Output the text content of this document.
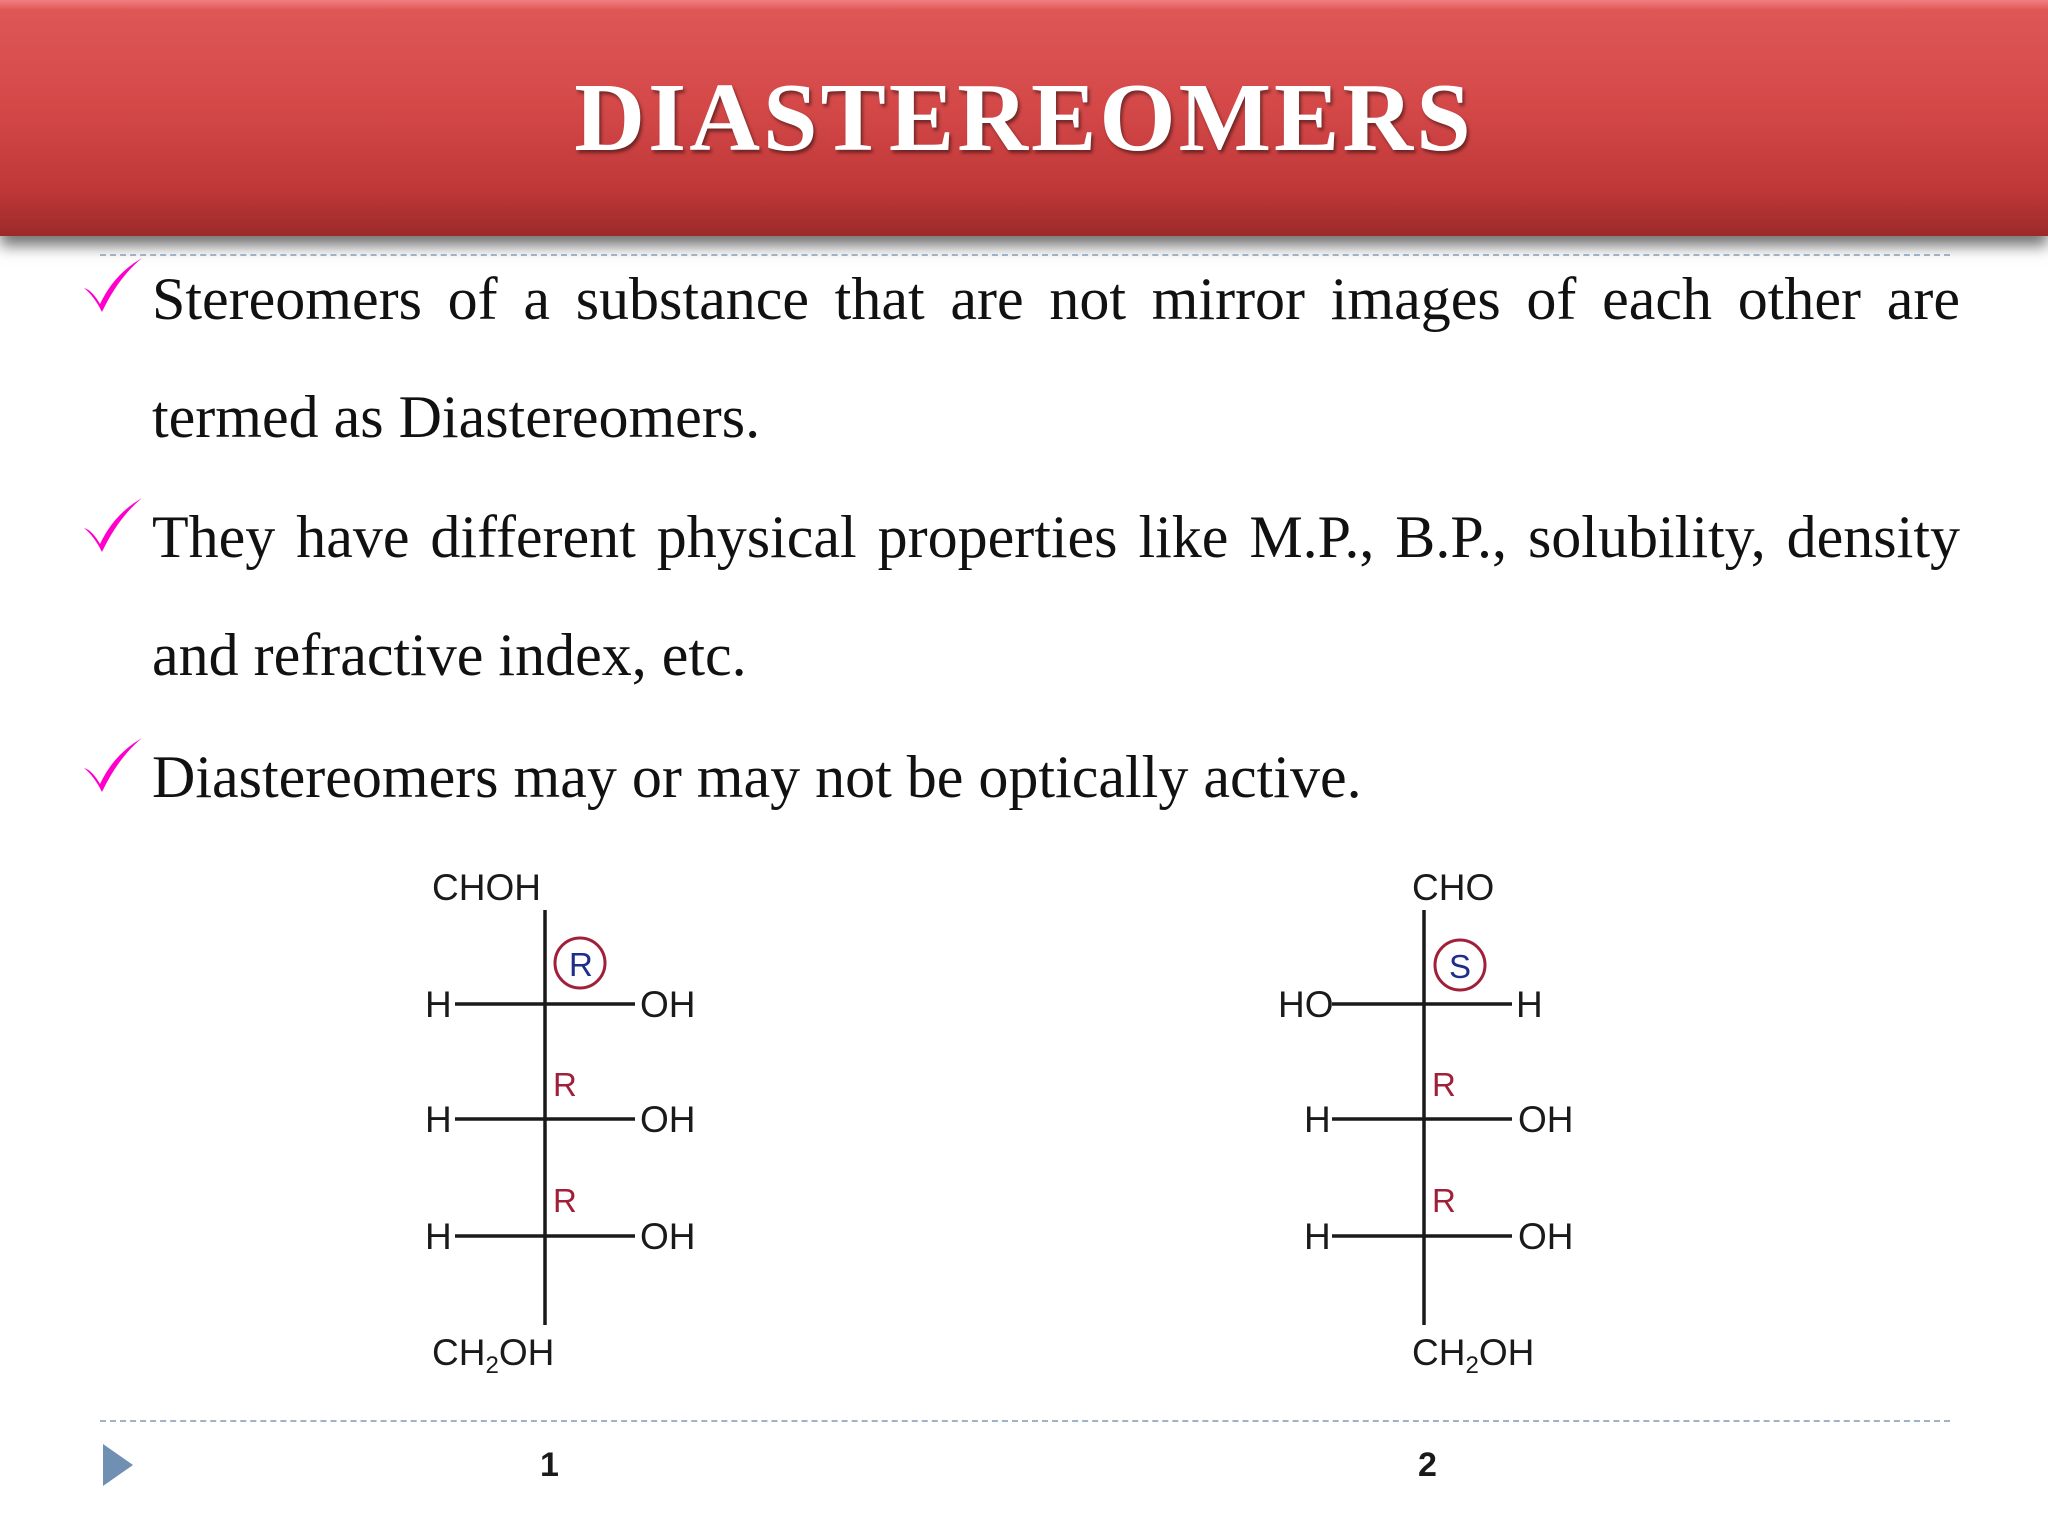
DIASTEREOMERS
Stereomers of a substance that are not mirror images of each other are termed as Diastereomers.
They have different physical properties like M.P., B.P., solubility, density and refractive index, etc.
Diastereomers may or may not be optically active.
CHOH
H	OH
R
H	OH
R
H	OH
R
$CH_2OH$
1
CHO
HO	H
S
H	OH
R
H	OH
R
$CH_2OH$
2
